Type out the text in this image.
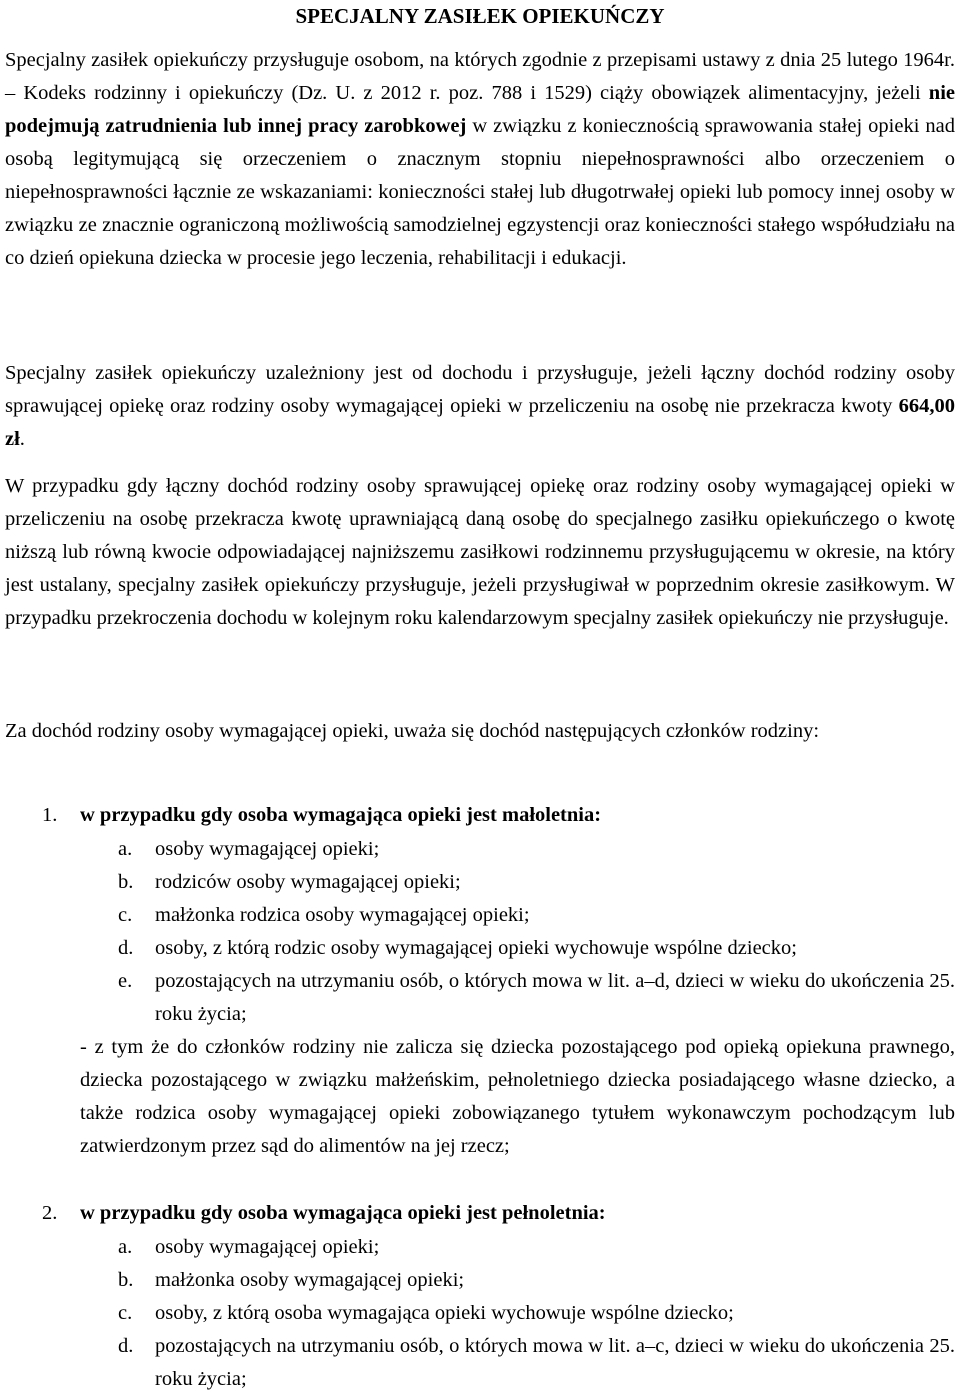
SPECJALNY ZASIŁEK OPIEKUŃCZY

Specjalny zasiłek opiekuńczy przysługuje osobom, na których zgodnie z przepisami ustawy z dnia 25 lutego 1964r. – Kodeks rodzinny i opiekuńczy (Dz. U. z 2012 r. poz. 788 i 1529) ciąży obowiązek alimentacyjny, jeżeli nie podejmują zatrudnienia lub innej pracy zarobkowej w związku z koniecznością sprawowania stałej opieki nad osobą legitymującą się orzeczeniem o znacznym stopniu niepełnosprawności albo orzeczeniem o niepełnosprawności łącznie ze wskazaniami: konieczności stałej lub długotrwałej opieki lub pomocy innej osoby w związku ze znacznie ograniczoną możliwością samodzielnej egzystencji oraz konieczności stałego współudziału na co dzień opiekuna dziecka w procesie jego leczenia, rehabilitacji i edukacji.

Specjalny zasiłek opiekuńczy uzależniony jest od dochodu i przysługuje, jeżeli łączny dochód rodziny osoby sprawującej opiekę oraz rodziny osoby wymagającej opieki w przeliczeniu na osobę nie przekracza kwoty 664,00 zł.

W przypadku gdy łączny dochód rodziny osoby sprawującej opiekę oraz rodziny osoby wymagającej opieki w przeliczeniu na osobę przekracza kwotę uprawniającą daną osobę do specjalnego zasiłku opiekuńczego o kwotę niższą lub równą kwocie odpowiadającej najniższemu zasiłkowi rodzinnemu przysługującemu w okresie, na który jest ustalany, specjalny zasiłek opiekuńczy przysługuje, jeżeli przysługiwał w poprzednim okresie zasiłkowym. W przypadku przekroczenia dochodu w kolejnym roku kalendarzowym specjalny zasiłek opiekuńczy nie przysługuje.

Za dochód rodziny osoby wymagającej opieki, uważa się dochód następujących członków rodziny:

1. w przypadku gdy osoba wymagająca opieki jest małoletnia:
a.	osoby wymagającej opieki;
b.	rodziców osoby wymagającej opieki;
c.	małżonka rodzica osoby wymagającej opieki;
d.	osoby, z którą rodzic osoby wymagającej opieki wychowuje wspólne dziecko;
e.	pozostających na utrzymaniu osób, o których mowa w lit. a–d, dzieci w wieku do ukończenia 25. roku życia;
- z tym że do członków rodziny nie zalicza się dziecka pozostającego pod opieką opiekuna prawnego, dziecka pozostającego w związku małżeńskim, pełnoletniego dziecka posiadającego własne dziecko, a także rodzica osoby wymagającej opieki zobowiązanego tytułem wykonawczym pochodzącym lub zatwierdzonym przez sąd do alimentów na jej rzecz;
2. w przypadku gdy osoba wymagająca opieki jest pełnoletnia:
a.	osoby wymagającej opieki;
b.	małżonka osoby wymagającej opieki;
c.	osoby, z którą osoba wymagająca opieki wychowuje wspólne dziecko;
d.	pozostających na utrzymaniu osób, o których mowa w lit. a–c, dzieci w wieku do ukończenia 25. roku życia;
